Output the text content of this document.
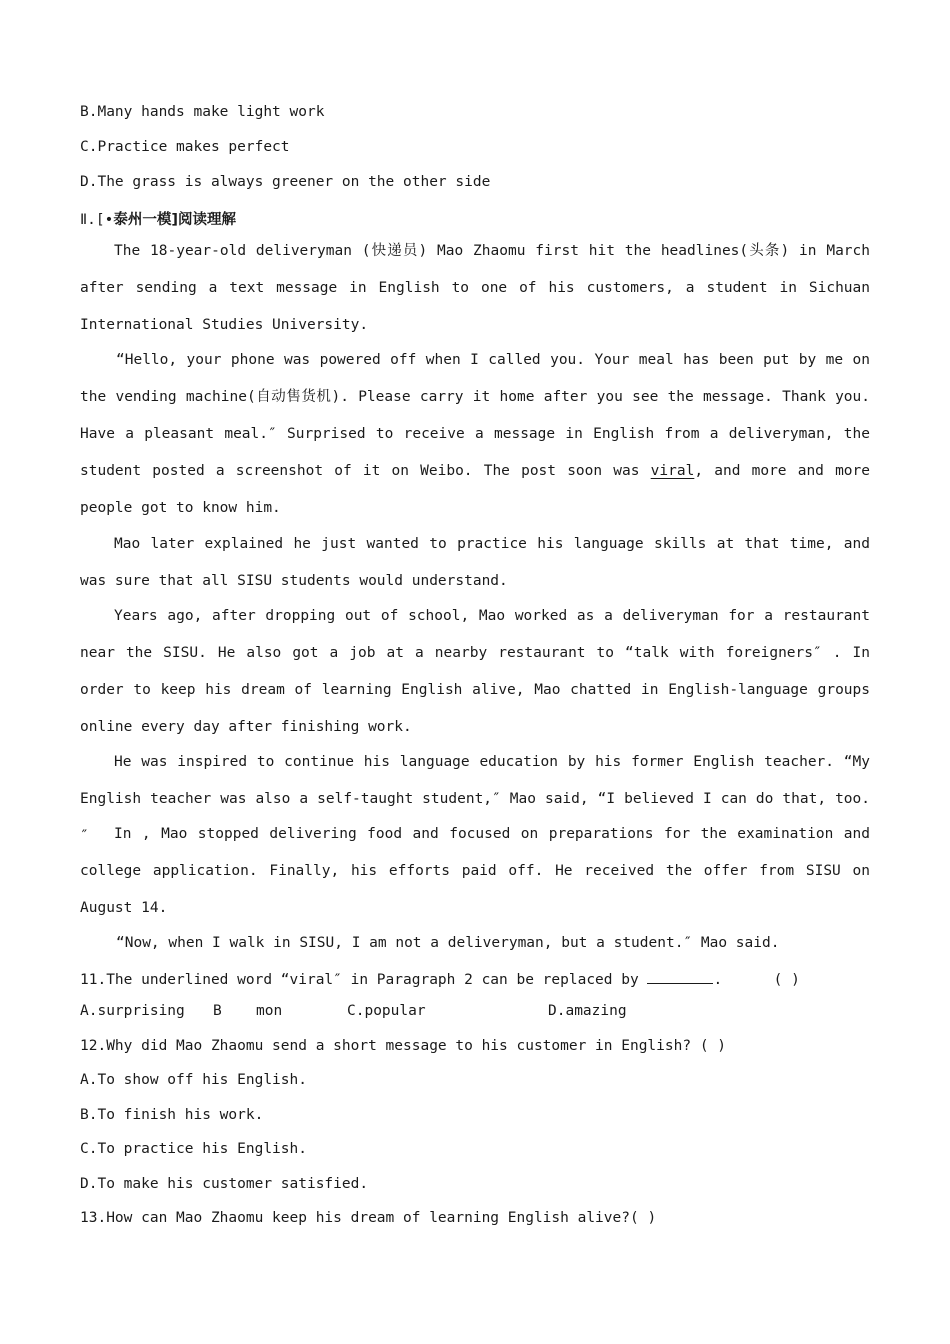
B.Many hands make light work
C.Practice makes perfect
D.The grass is always greener on the other side
Ⅱ.[•泰州一模]阅读理解
The 18-year-old deliveryman (快递员) Mao Zhaomu first hit the headlines(头条) in March after sending a text message in English to one of his customers, a student in Sichuan International Studies University.
“Hello, your phone was powered off when I called you. Your meal has been put by me on the vending machine(自动售货机). Please carry it home after you see the message. Thank you. Have a pleasant meal.″ Surprised to receive a message in English from a deliveryman, the student posted a screenshot of it on Weibo. The post soon was viral, and more and more people got to know him.
Mao later explained he just wanted to practice his language skills at that time, and was sure that all SISU students would understand.
Years ago, after dropping out of school, Mao worked as a deliveryman for a restaurant near the SISU. He also got a job at a nearby restaurant to “talk with foreigners″ . In order to keep his dream of learning English alive, Mao chatted in English-language groups online every day after finishing work.
He was inspired to continue his language education by his former English teacher. “My English teacher was also a self-taught student,″ Mao said, “I believed I can do that, too.″	In , Mao stopped delivering food and focused on preparations for the examination and college application. Finally, his efforts paid off. He received the offer from SISU on August 14.
“Now, when I walk in SISU, I am not a deliveryman, but a student.″ Mao said.
11.The underlined word “viral″ in Paragraph 2 can be replaced by	.	( )
A.surprising B mon	C.popular	D.amazing
12.Why did Mao Zhaomu send a short message to his customer in English? ( )
A.To show off his English.
B.To finish his work.
C.To practice his English.
D.To make his customer satisfied.
13.How can Mao Zhaomu keep his dream of learning English alive?( )
